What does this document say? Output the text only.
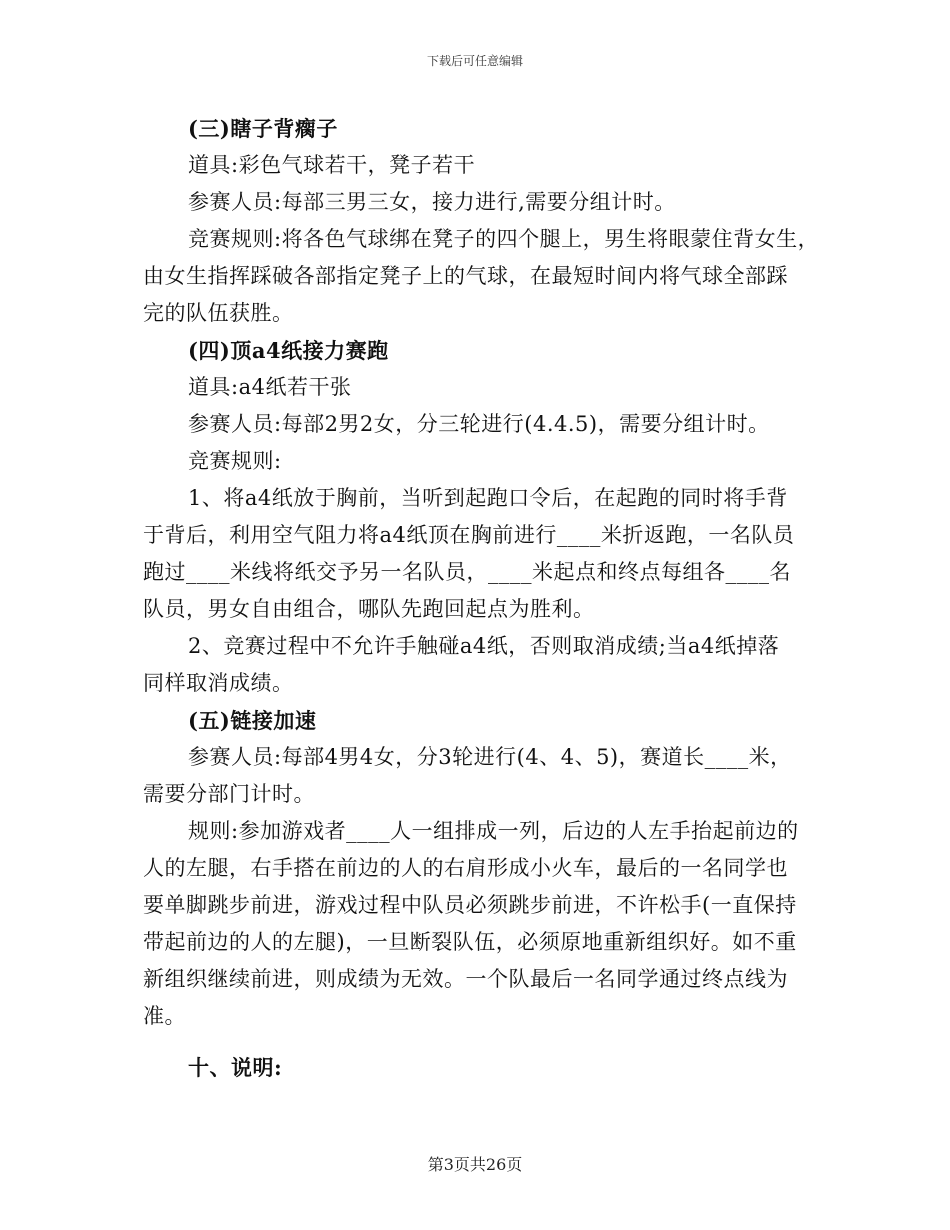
下载后可任意编辑
(三)瞎子背瘸子
道具:彩色气球若干，凳子若干
参赛人员:每部三男三女，接力进行,需要分组计时。
竞赛规则:将各色气球绑在凳子的四个腿上，男生将眼蒙住背女生，
由女生指挥踩破各部指定凳子上的气球，在最短时间内将气球全部踩
完的队伍获胜。
(四)顶a4纸接力赛跑
道具:a4纸若干张
参赛人员:每部2男2女，分三轮进行(4.4.5)，需要分组计时。
竞赛规则:
1、将a4纸放于胸前，当听到起跑口令后，在起跑的同时将手背
于背后，利用空气阻力将a4纸顶在胸前进行____米折返跑，一名队员
跑过____米线将纸交予另一名队员，____米起点和终点每组各____名
队员，男女自由组合，哪队先跑回起点为胜利。
2、竞赛过程中不允许手触碰a4纸，否则取消成绩;当a4纸掉落
同样取消成绩。
(五)链接加速
参赛人员:每部4男4女，分3轮进行(4、4、5)，赛道长____米，
需要分部门计时。
规则:参加游戏者____人一组排成一列，后边的人左手抬起前边的
人的左腿，右手搭在前边的人的右肩形成小火车，最后的一名同学也
要单脚跳步前进，游戏过程中队员必须跳步前进，不许松手(一直保持
带起前边的人的左腿)，一旦断裂队伍，必须原地重新组织好。如不重
新组织继续前进，则成绩为无效。一个队最后一名同学通过终点线为
准。
十、说明:
第3页共26页
